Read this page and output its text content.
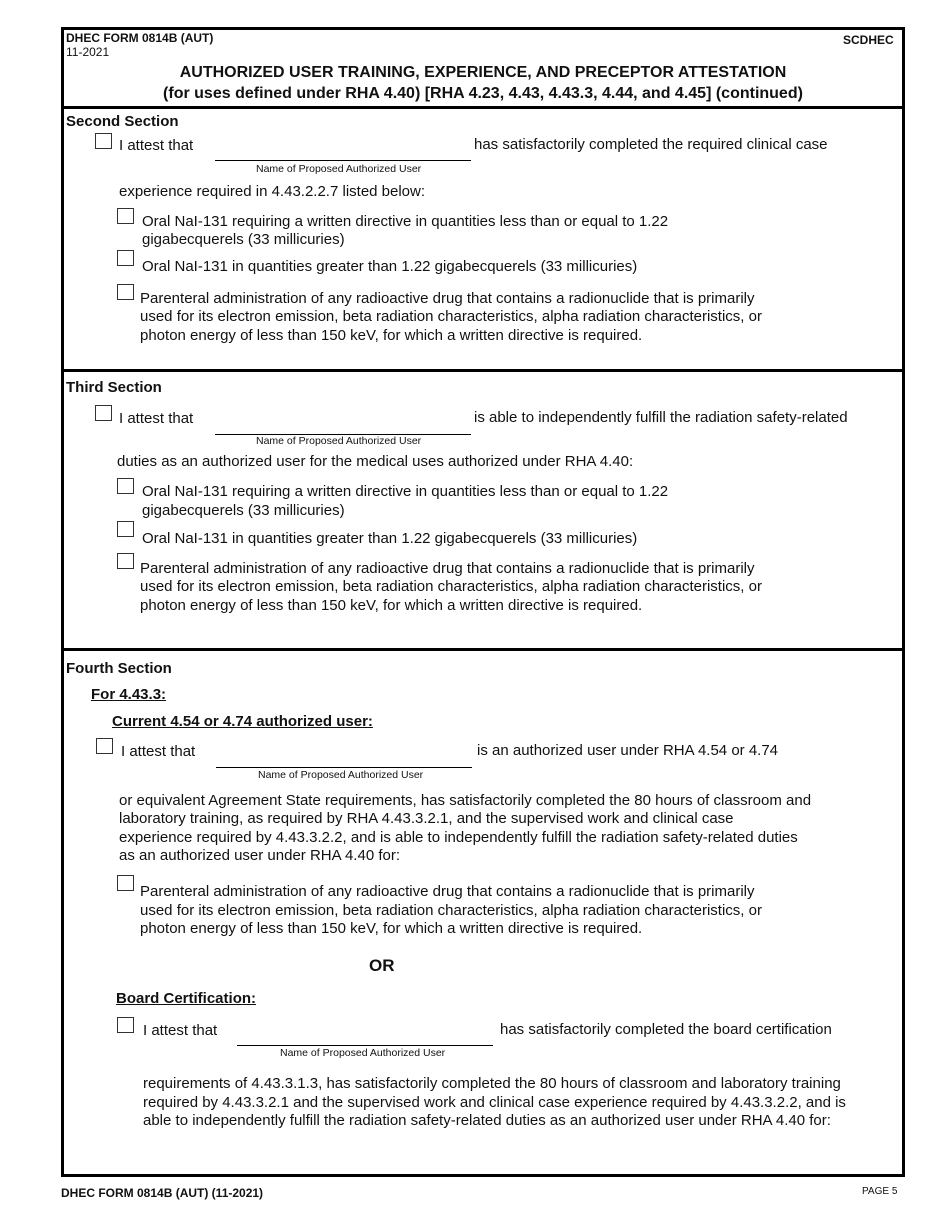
DHEC FORM 0814B (AUT)
11-2021
SCDHEC
AUTHORIZED USER TRAINING, EXPERIENCE, AND PRECEPTOR ATTESTATION
(for uses defined under RHA 4.40) [RHA 4.23, 4.43, 4.43.3, 4.44, and 4.45] (continued)
Second Section
I attest that
Name of Proposed Authorized User
has satisfactorily completed the required clinical case
experience required in 4.43.2.2.7 listed below:
Oral NaI-131 requiring a written directive in quantities less than or equal to 1.22
gigabecquerels (33 millicuries)
Oral NaI-131 in quantities greater than 1.22 gigabecquerels (33 millicuries)
Parenteral administration of any radioactive drug that contains a radionuclide that is primarily
used for its electron emission, beta radiation characteristics, alpha radiation characteristics, or
photon energy of less than 150 keV, for which a written directive is required.
Third Section
I attest that
Name of Proposed Authorized User
is able to independently fulfill the radiation safety-related
duties as an authorized user for the medical uses authorized under RHA 4.40:
Oral NaI-131 requiring a written directive in quantities less than or equal to 1.22
gigabecquerels (33 millicuries)
Oral NaI-131 in quantities greater than 1.22 gigabecquerels (33 millicuries)
Parenteral administration of any radioactive drug that contains a radionuclide that is primarily
used for its electron emission, beta radiation characteristics, alpha radiation characteristics, or
photon energy of less than 150 keV, for which a written directive is required.
Fourth Section
For 4.43.3:
Current 4.54 or 4.74 authorized user:
I attest that
Name of Proposed Authorized User
is an authorized user under RHA 4.54 or 4.74
or equivalent Agreement State requirements, has satisfactorily completed the 80 hours of classroom and
laboratory training, as required by RHA 4.43.3.2.1, and the supervised work and clinical case
experience required by 4.43.3.2.2, and is able to independently fulfill the radiation safety-related duties
as an authorized user under RHA 4.40 for:
Parenteral administration of any radioactive drug that contains a radionuclide that is primarily
used for its electron emission, beta radiation characteristics, alpha radiation characteristics, or
photon energy of less than 150 keV, for which a written directive is required.
OR
Board Certification:
I attest that
Name of Proposed Authorized User
has satisfactorily completed the board certification
requirements of 4.43.3.1.3, has satisfactorily completed the 80 hours of classroom and laboratory training
required by 4.43.3.2.1 and the supervised work and clinical case experience required by 4.43.3.2.2, and is
able to independently fulfill the radiation safety-related duties as an authorized user under RHA 4.40 for:
DHEC FORM 0814B (AUT) (11-2021)	PAGE 5
